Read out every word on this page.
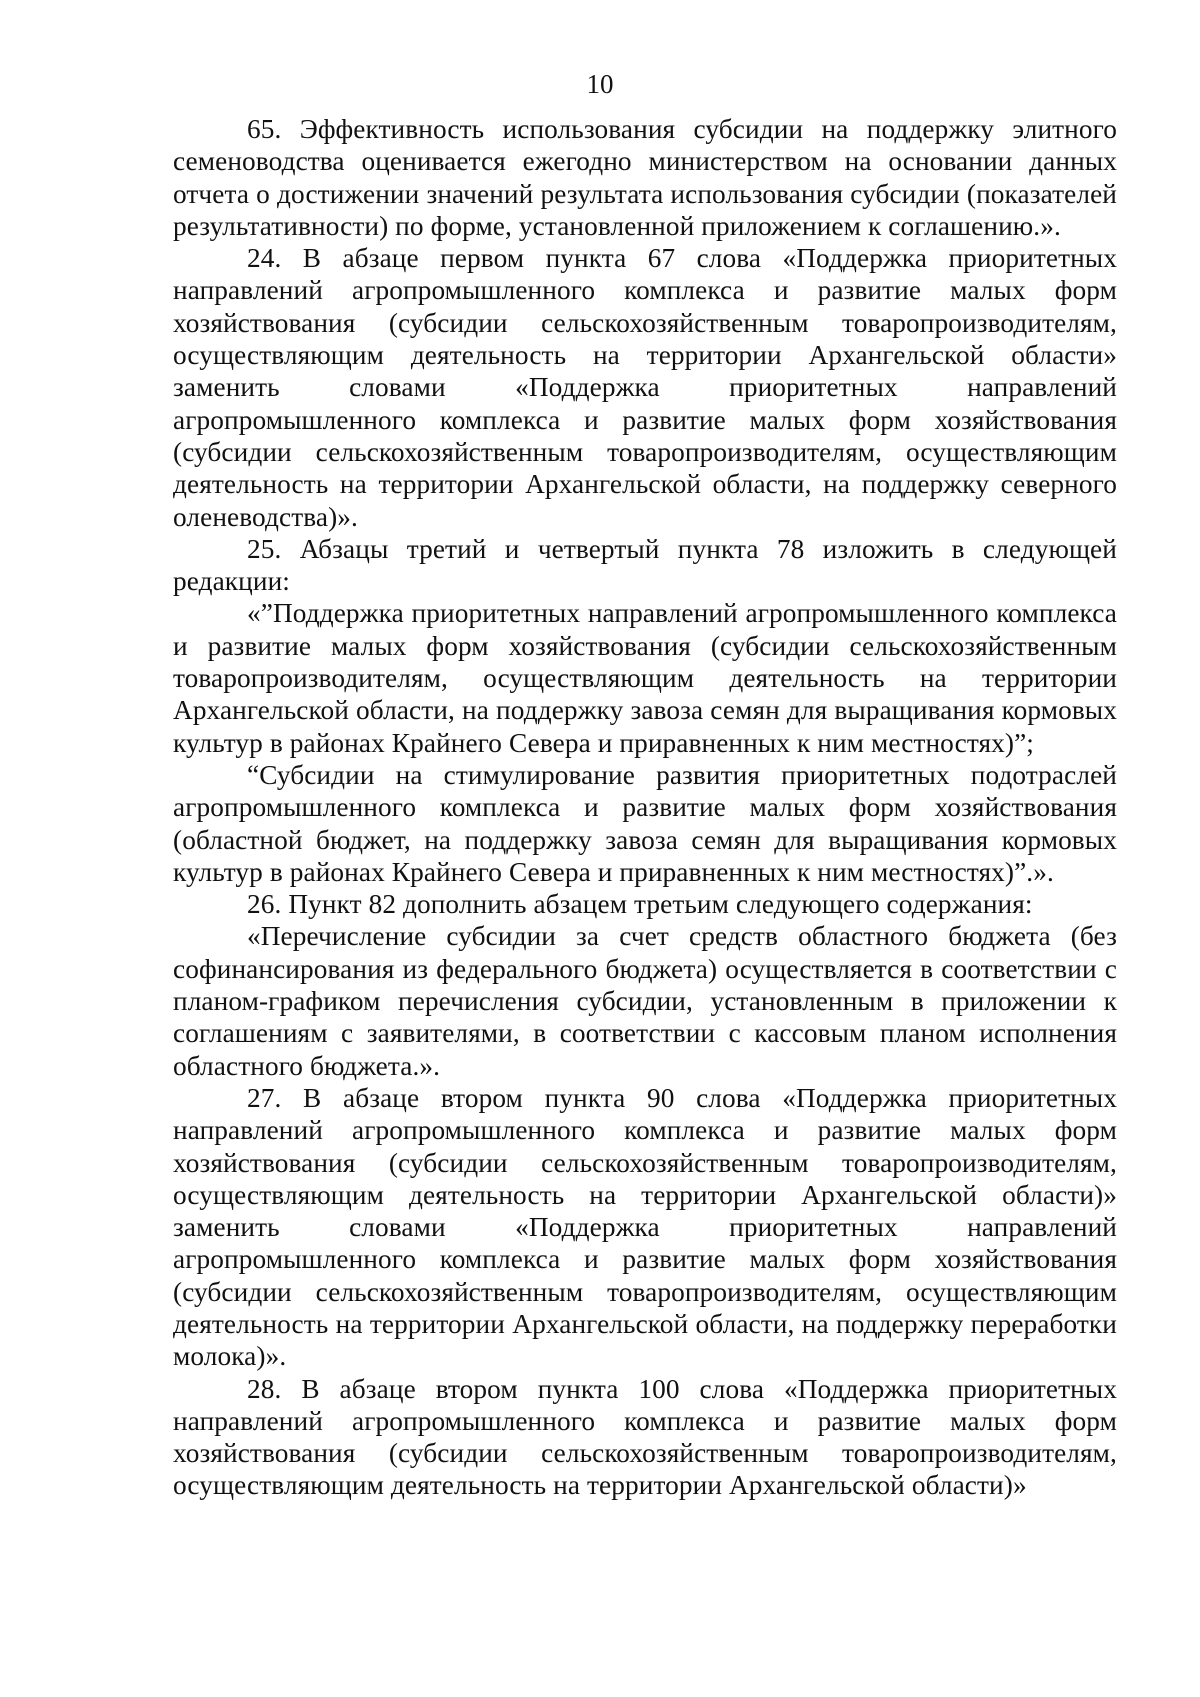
10

65. Эффективность использования субсидии на поддержку элитного семеноводства оценивается ежегодно министерством на основании данных отчета о достижении значений результата использования субсидии (показателей результативности) по форме, установленной приложением к соглашению.».

24. В абзаце первом пункта 67 слова «Поддержка приоритетных направлений агропромышленного комплекса и развитие малых форм хозяйствования (субсидии сельскохозяйственным товаропроизводителям, осуществляющим деятельность на территории Архангельской области» заменить словами «Поддержка приоритетных направлений агропромышленного комплекса и развитие малых форм хозяйствования (субсидии сельскохозяйственным товаропроизводителям, осуществляющим деятельность на территории Архангельской области, на поддержку северного оленеводства)».

25. Абзацы третий и четвертый пункта 78 изложить в следующей редакции:

«”Поддержка приоритетных направлений агропромышленного комплекса и развитие малых форм хозяйствования (субсидии сельскохозяйственным товаропроизводителям, осуществляющим деятельность на территории Архангельской области, на поддержку завоза семян для выращивания кормовых культур в районах Крайнего Севера и приравненных к ним местностях)”;

“Субсидии на стимулирование развития приоритетных подотраслей агропромышленного комплекса и развитие малых форм хозяйствования (областной бюджет, на поддержку завоза семян для выращивания кормовых культур в районах Крайнего Севера и приравненных к ним местностях)”.».

26. Пункт 82 дополнить абзацем третьим следующего содержания:

«Перечисление субсидии за счет средств областного бюджета (без софинансирования из федерального бюджета) осуществляется в соответствии с планом-графиком перечисления субсидии, установленным в приложении к соглашениям с заявителями, в соответствии с кассовым планом исполнения областного бюджета.».

27. В абзаце втором пункта 90 слова «Поддержка приоритетных направлений агропромышленного комплекса и развитие малых форм хозяйствования (субсидии сельскохозяйственным товаропроизводителям, осуществляющим деятельность на территории Архангельской области)» заменить словами «Поддержка приоритетных направлений агропромышленного комплекса и развитие малых форм хозяйствования (субсидии сельскохозяйственным товаропроизводителям, осуществляющим деятельность на территории Архангельской области, на поддержку переработки молока)».

28. В абзаце втором пункта 100 слова «Поддержка приоритетных направлений агропромышленного комплекса и развитие малых форм хозяйствования (субсидии сельскохозяйственным товаропроизводителям, осуществляющим деятельность на территории Архангельской области)»
